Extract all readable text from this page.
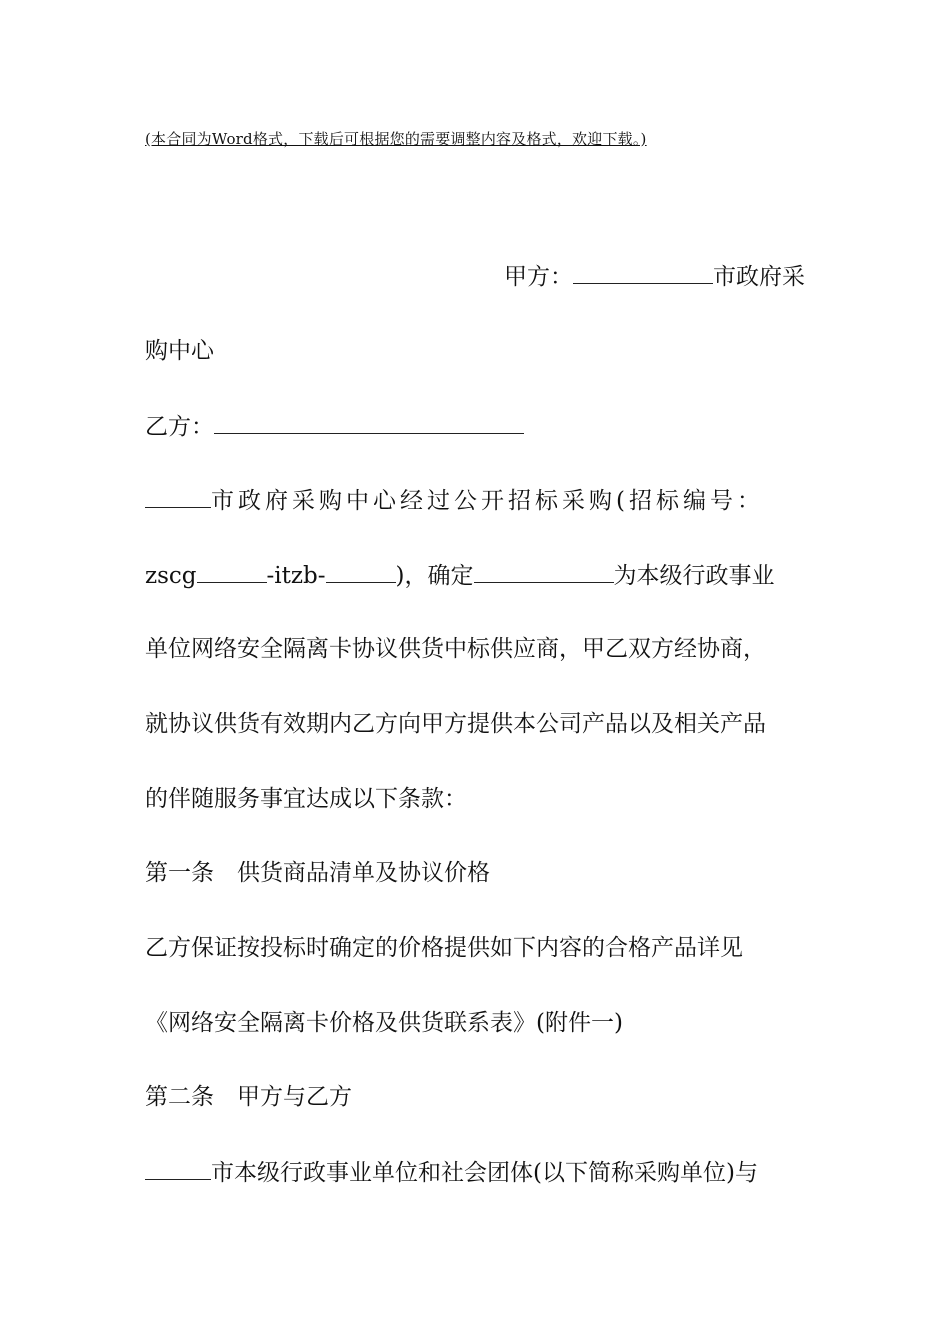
(本合同为Word格式，下载后可根据您的需要调整内容及格式，欢迎下载。)
甲方：	市政府采
购中心
乙方：
市政府采购中心经过公开招标采购(招标编号：
zscg	-itzb-	)，确定	为本级行政事业
单位网络安全隔离卡协议供货中标供应商，甲乙双方经协商，
就协议供货有效期内乙方向甲方提供本公司产品以及相关产品
的伴随服务事宜达成以下条款：
第一条　供货商品清单及协议价格
乙方保证按投标时确定的价格提供如下内容的合格产品详见
《网络安全隔离卡价格及供货联系表》(附件一)
第二条　甲方与乙方
市本级行政事业单位和社会团体(以下简称采购单位)与
